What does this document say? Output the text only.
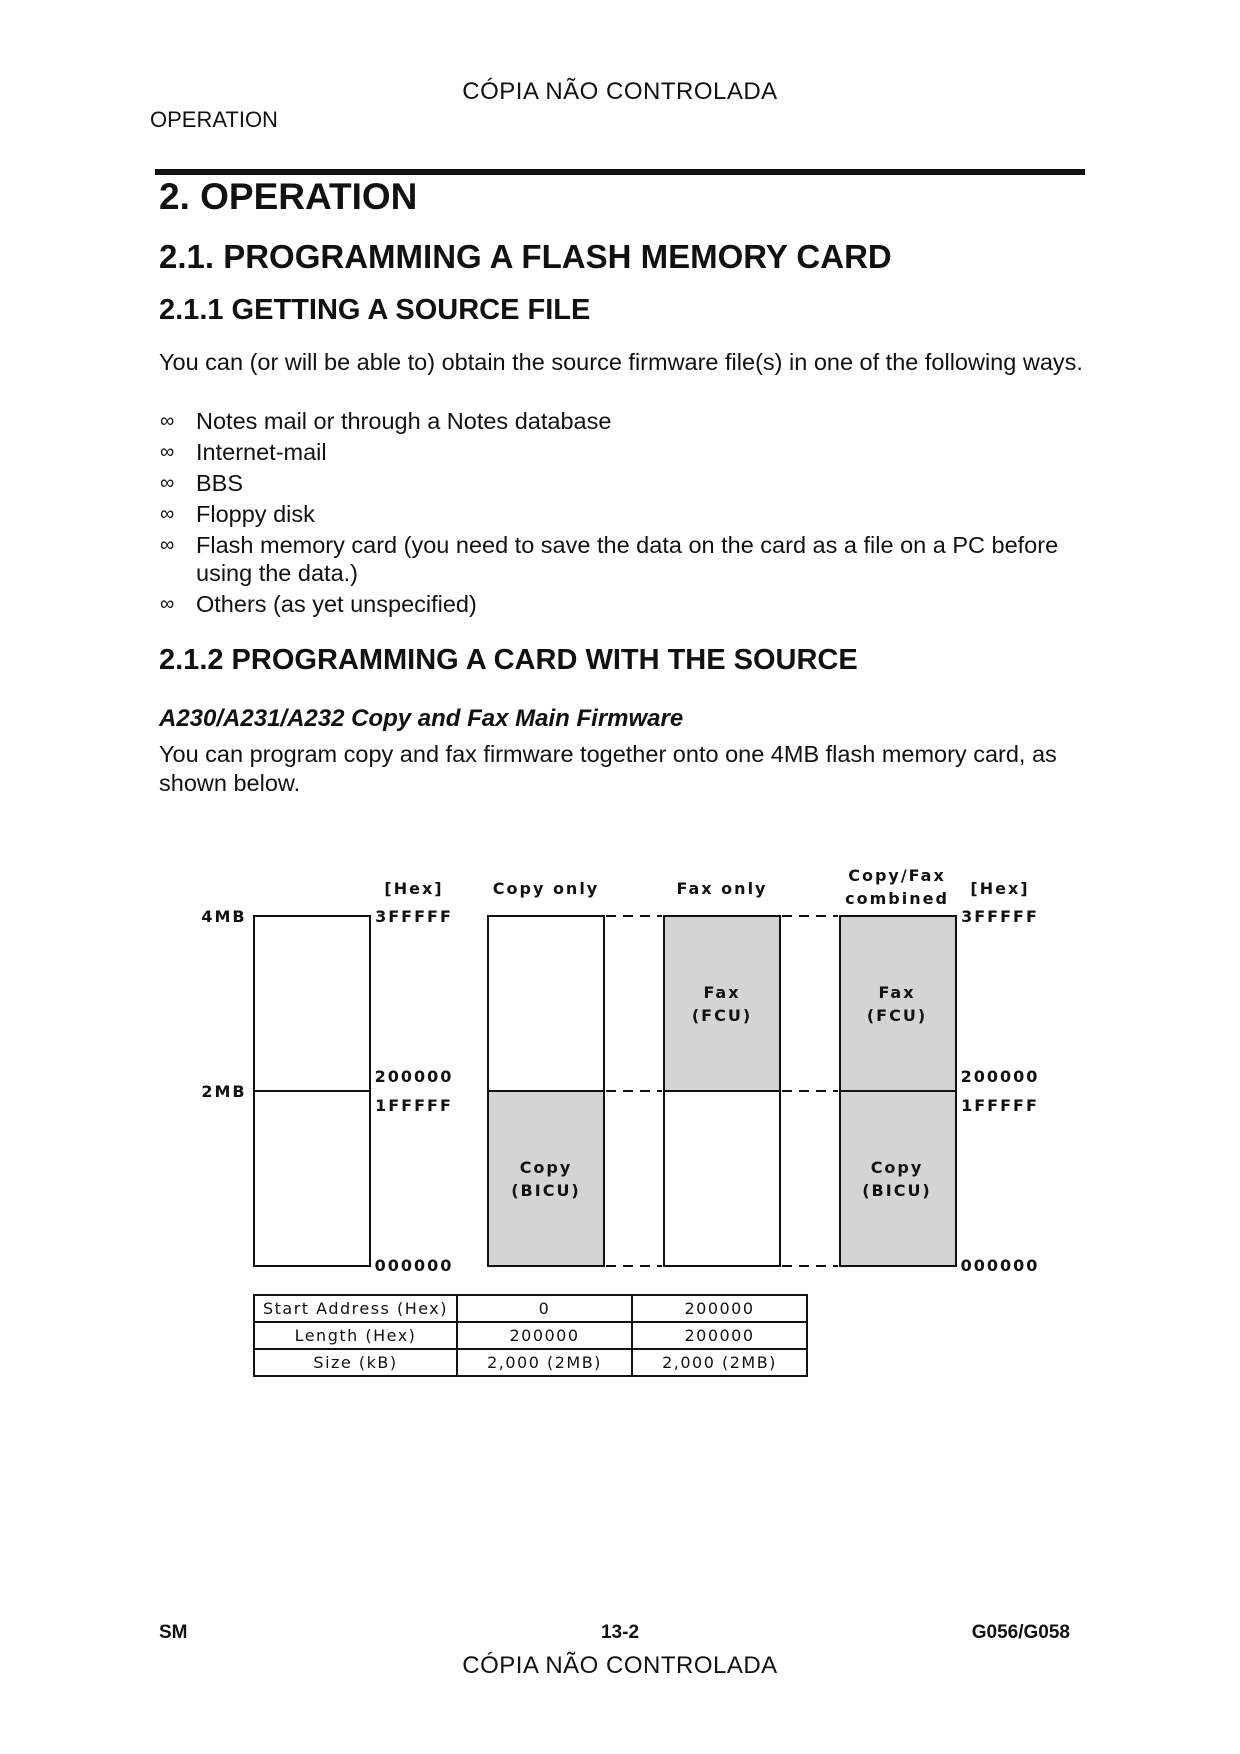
CÓPIA NÃO CONTROLADA
OPERATION
2. OPERATION
2.1. PROGRAMMING A FLASH MEMORY CARD
2.1.1 GETTING A SOURCE FILE
You can (or will be able to) obtain the source firmware file(s) in one of the following ways.
∞ Notes mail or through a Notes database
∞ Internet-mail
∞ BBS
∞ Floppy disk
∞ Flash memory card (you need to save the data on the card as a file on a PC before using the data.)
∞ Others (as yet unspecified)
2.1.2 PROGRAMMING A CARD WITH THE SOURCE
A230/A231/A232 Copy and Fax Main Firmware
You can program copy and fax firmware together onto one 4MB flash memory card, as shown below.
[Hex]	Copy only	Fax only
Copy/Fax
combined
[Hex]
4MB
2MB
3FFFFF
200000
1FFFFF
000000
3FFFFF
200000
1FFFFF
000000
Fax
(FCU)
Fax
(FCU)
Copy
(BICU)
Copy
(BICU)
Start Address (Hex)	0	200000
Length (Hex)	200000	200000
Size (kB)	2,000 (2MB)	2,000 (2MB)
SM	13-2	G056/G058
CÓPIA NÃO CONTROLADA
